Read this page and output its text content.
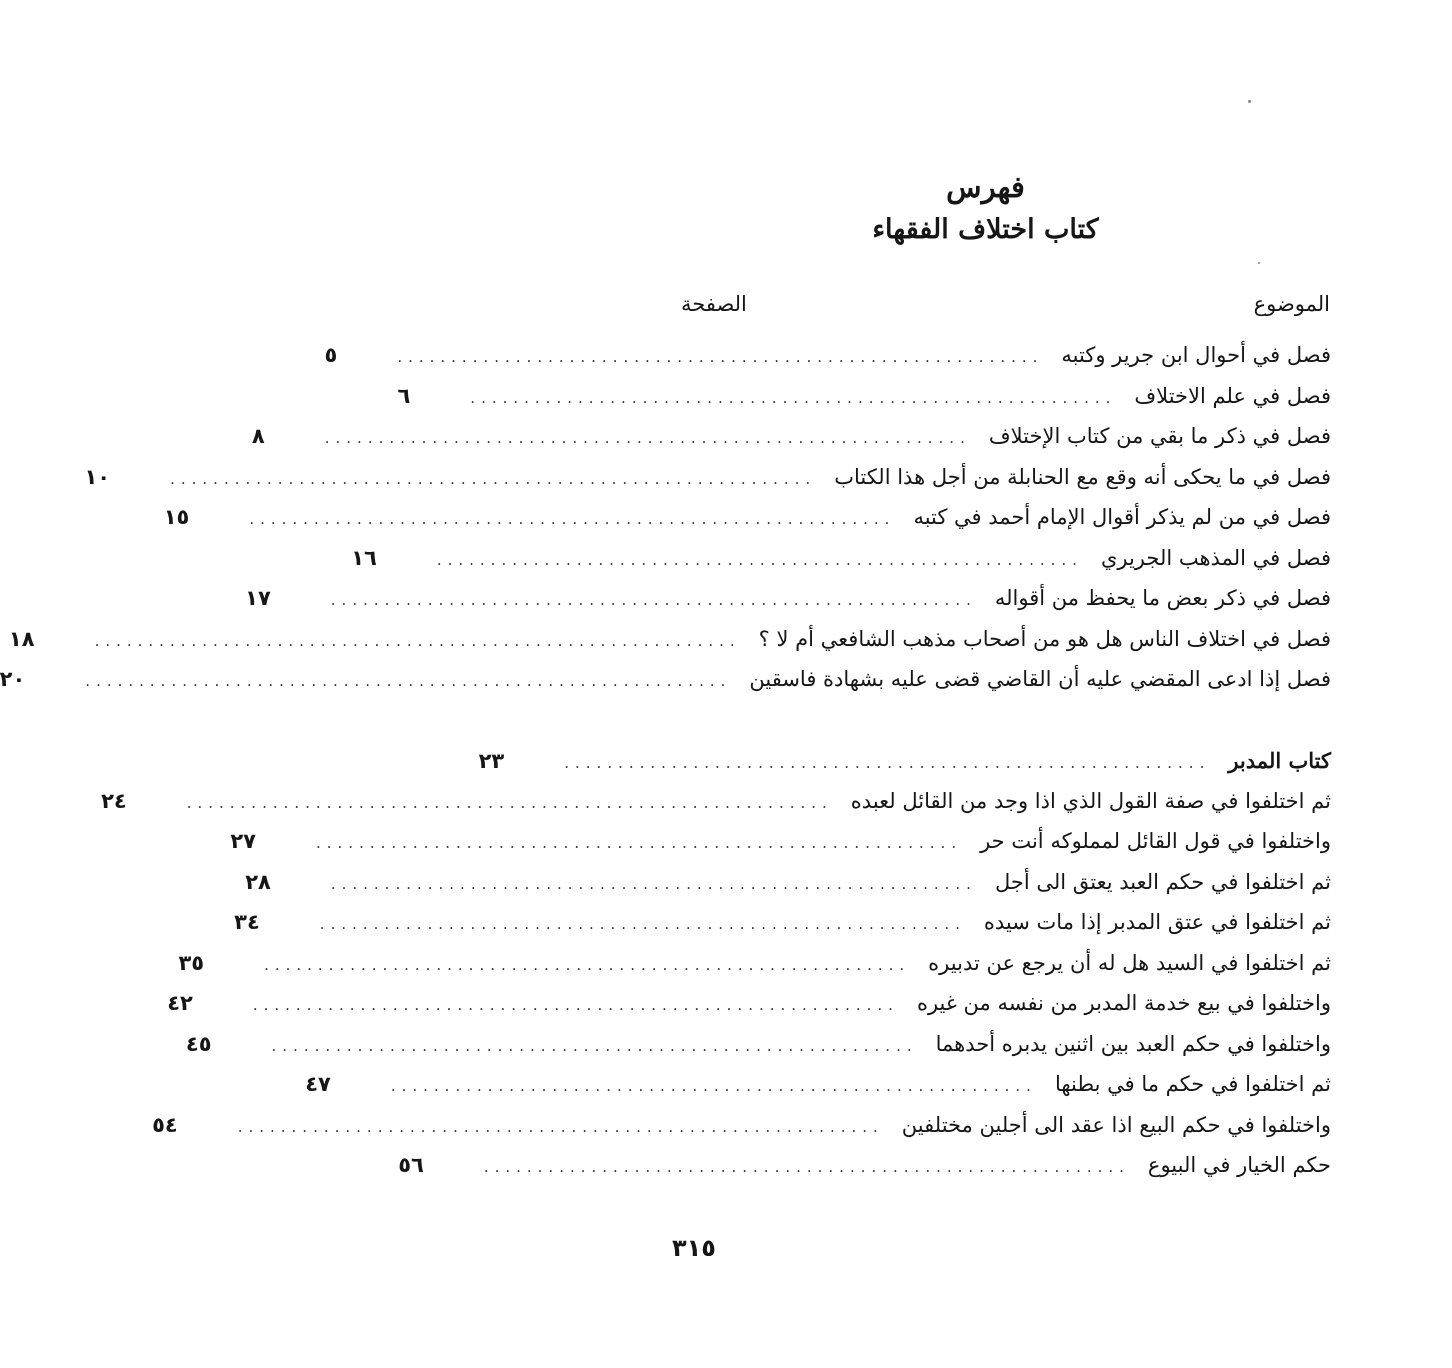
فهرس
كتاب اختلاف الفقهاء
الموضوع
الصفحة
فصل في أحوال ابن جرير وكتبه
............................................................
٥
فصل في علم الاختلاف
............................................................
٦
فصل في ذكر ما بقي من كتاب الإختلاف
............................................................
٨
فصل في ما يحكى أنه وقع مع الحنابلة من أجل هذا الكتاب
............................................................
١٠
فصل في من لم يذكر أقوال الإمام أحمد في كتبه
............................................................
١٥
فصل في المذهب الجريري
............................................................
١٦
فصل في ذكر بعض ما يحفظ من أقواله
............................................................
١٧
فصل في اختلاف الناس هل هو من أصحاب مذهب الشافعي أم لا ؟
............................................................
١٨
فصل إذا ادعى المقضي عليه أن القاضي قضى عليه بشهادة فاسقين
............................................................
٢٠
كتاب المدبر
............................................................
٢٣
ثم اختلفوا في صفة القول الذي اذا وجد من القائل لعبده
............................................................
٢٤
واختلفوا في قول القائل لمملوكه أنت حر
............................................................
٢٧
ثم اختلفوا في حكم العبد يعتق الى أجل
............................................................
٢٨
ثم اختلفوا في عتق المدبر إذا مات سيده
............................................................
٣٤
ثم اختلفوا في السيد هل له أن يرجع عن تدبيره
............................................................
٣٥
واختلفوا في بيع خدمة المدبر من نفسه من غيره
............................................................
٤٢
واختلفوا في حكم العبد بين اثنين يدبره أحدهما
............................................................
٤٥
ثم اختلفوا في حكم ما في بطنها
............................................................
٤٧
واختلفوا في حكم البيع اذا عقد الى أجلين مختلفين
............................................................
٥٤
حكم الخيار في البيوع
............................................................
٥٦
٣١٥
